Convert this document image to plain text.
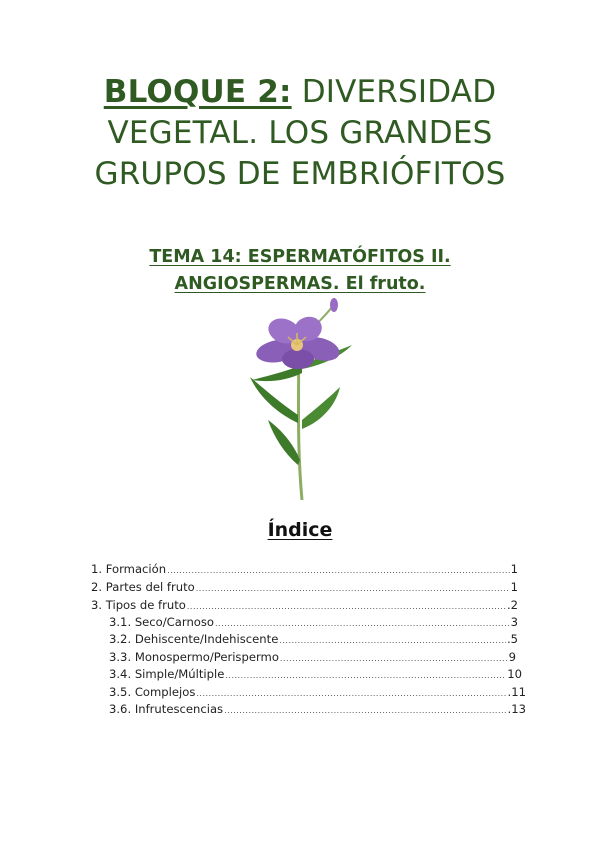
BLOQUE 2: DIVERSIDAD
VEGETAL. LOS GRANDES
GRUPOS DE EMBRIÓFITOS
TEMA 14: ESPERMATÓFITOS II.
ANGIOSPERMAS. El fruto.
Índice
1. Formación .....	1
2. Partes del fruto .....	1
3. Tipos de fruto .....	.2
3.1. Seco/Carnoso .....	3
3.2. Dehiscente/Indehiscente .....	.5
3.3. Monospermo/Perispermo .....	9
3.4. Simple/Múltiple .....	10
3.5. Complejos .....	.11
3.6. Infrutescencias .....	.13
